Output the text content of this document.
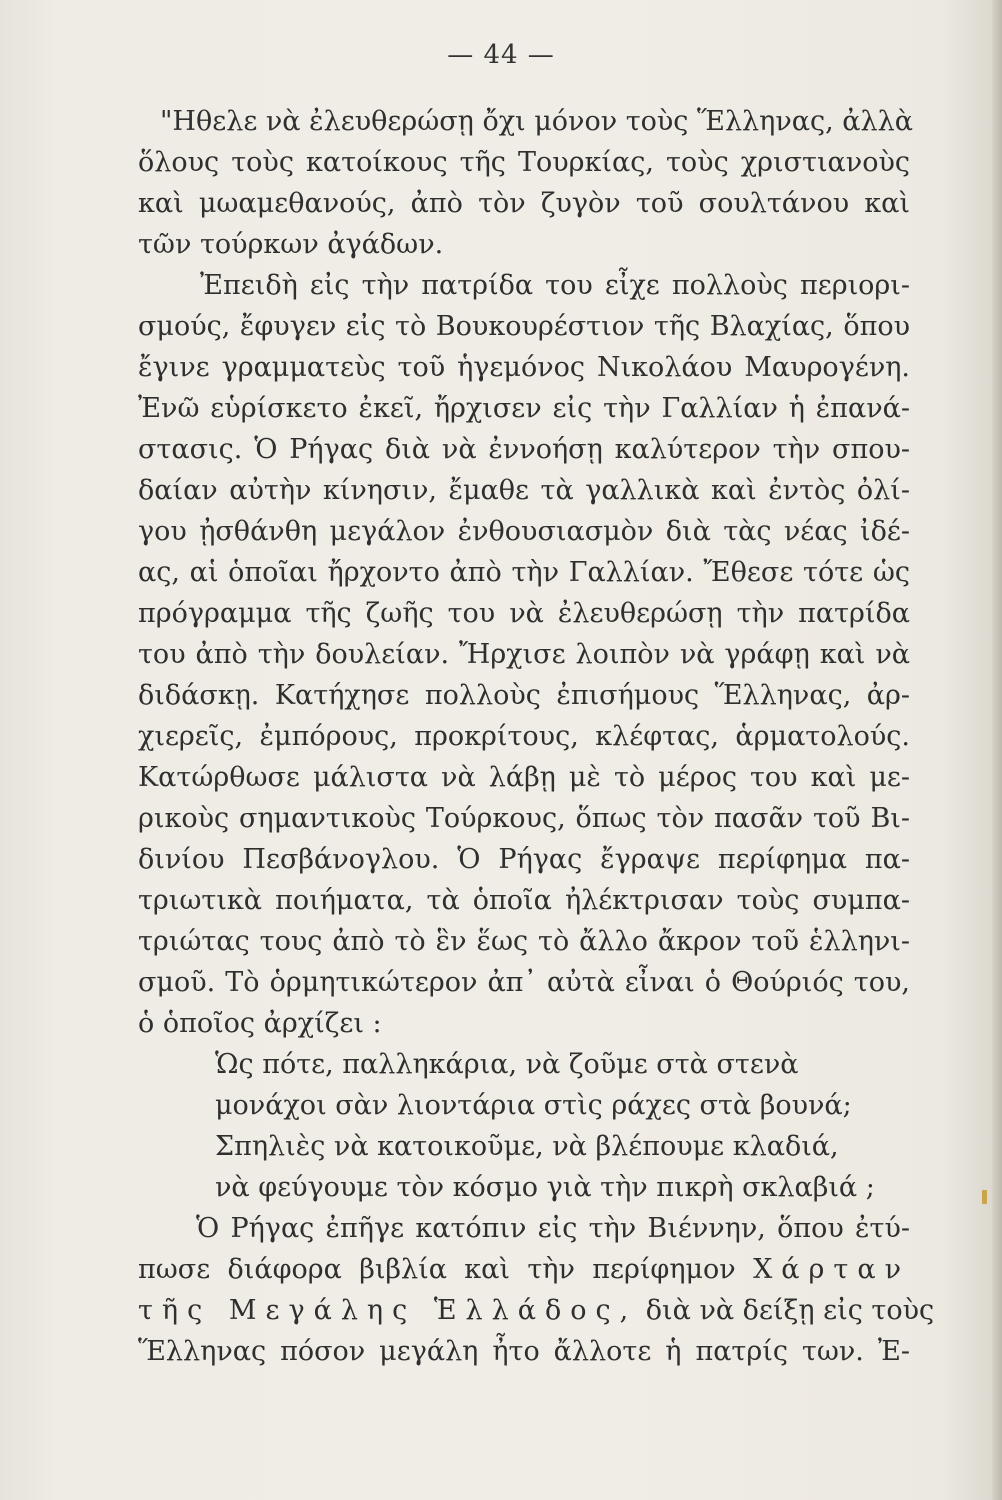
— 44 —
"Ηθελε νὰ ἐλευθερώσῃ ὄχι μόνον τοὺς Ἕλληνας, ἀλλὰ
ὅλους τοὺς κατοίκους τῆς Τουρκίας, τοὺς χριστιανοὺς
καὶ μωαμεθανούς, ἀπὸ τὸν ζυγὸν τοῦ σουλτάνου καὶ
τῶν τούρκων ἀγάδων.
Ἐπειδὴ εἰς τὴν πατρίδα του εἶχε πολλοὺς περιορι-
σμούς, ἔφυγεν εἰς τὸ Βουκουρέστιον τῆς Βλαχίας, ὅπου
ἔγινε γραμματεὺς τοῦ ἡγεμόνος Νικολάου Μαυρογένη.
Ἐνῶ εὑρίσκετο ἐκεῖ, ἤρχισεν εἰς τὴν Γαλλίαν ἡ ἐπανά-
στασις. Ὁ Ρήγας διὰ νὰ ἐννοήσῃ καλύτερον τὴν σπου-
δαίαν αὐτὴν κίνησιν, ἔμαθε τὰ γαλλικὰ καὶ ἐντὸς ὀλί-
γου ᾐσθάνθη μεγάλον ἐνθουσιασμὸν διὰ τὰς νέας ἰδέ-
ας, αἱ ὁποῖαι ἤρχοντο ἀπὸ τὴν Γαλλίαν. Ἔθεσε τότε ὡς
πρόγραμμα τῆς ζωῆς του νὰ ἐλευθερώσῃ τὴν πατρίδα
του ἀπὸ τὴν δουλείαν. Ἤρχισε λοιπὸν νὰ γράφῃ καὶ νὰ
διδάσκῃ. Κατήχησε πολλοὺς ἐπισήμους Ἕλληνας, ἀρ-
χιερεῖς, ἐμπόρους, προκρίτους, κλέφτας, ἁρματολούς.
Κατώρθωσε μάλιστα νὰ λάβῃ μὲ τὸ μέρος του καὶ με-
ρικοὺς σημαντικοὺς Τούρκους, ὅπως τὸν πασᾶν τοῦ Βι-
δινίου Πεσβάνογλου. Ὁ Ρήγας ἔγραψε περίφημα πα-
τριωτικὰ ποιήματα, τὰ ὁποῖα ἠλέκτρισαν τοὺς συμπα-
τριώτας τους ἀπὸ τὸ ἓν ἕως τὸ ἄλλο ἄκρον τοῦ ἑλληνι-
σμοῦ. Τὸ ὁρμητικώτερον ἀπ᾿ αὐτὰ εἶναι ὁ Θούριός του,
ὁ ὁποῖος ἀρχίζει :
Ὡς πότε, παλληκάρια, νὰ ζοῦμε στὰ στενὰ
μονάχοι σὰν λιοντάρια στὶς ράχες στὰ βουνά;
Σπηλιὲς νὰ κατοικοῦμε, νὰ βλέπουμε κλαδιά,
νὰ φεύγουμε τὸν κόσμο γιὰ τὴν πικρὴ σκλαβιά ;
Ὁ Ρήγας ἐπῆγε κατόπιν εἰς τὴν Βιέννην, ὅπου ἐτύ-
πωσε διάφορα βιβλία καὶ τὴν περίφημον Χάρταν
τῆς Μεγάλης Ἑλλάδος, διὰ νὰ δείξῃ εἰς τοὺς
Ἕλληνας πόσον μεγάλη ἦτο ἄλλοτε ἡ πατρίς των. Ἐ-
